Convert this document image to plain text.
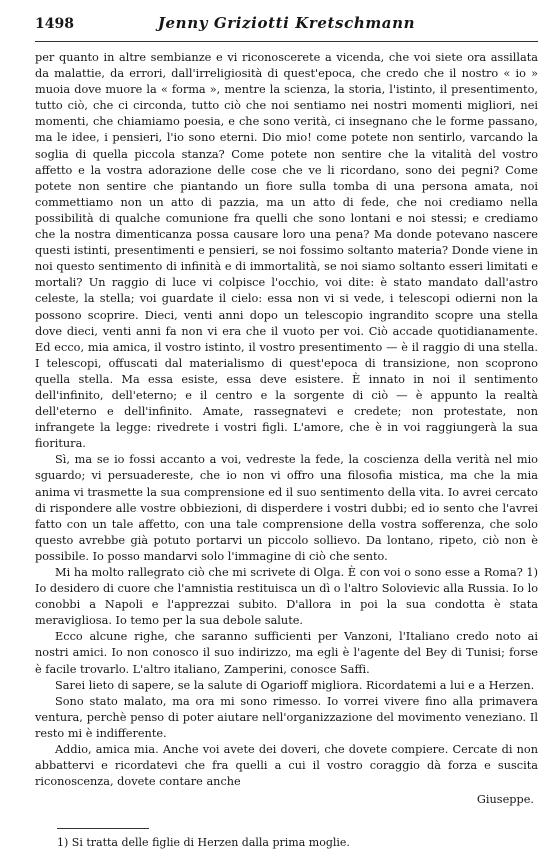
1498	Jenny Griziotti Kretschmann

per quanto in altre sembianze e vi riconoscerete a vicenda, che voi siete ora assillata da malattie, da errori, dall'irreligiosità di quest'epoca, che credo che il nostro « io » muoia dove muore la « forma », mentre la scienza, la storia, l'istinto, il presentimento, tutto ciò, che ci circonda, tutto ciò che noi sentiamo nei nostri momenti migliori, nei momenti, che chiamiamo poesia, e che sono verità, ci insegnano che le forme passano, ma le idee, i pensieri, l'io sono eterni. Dio mio! come potete non sentirlo, varcando la soglia di quella piccola stanza? Come potete non sentire che la vitalità del vostro affetto e la vostra adorazione delle cose che ve li ricordano, sono dei pegni? Come potete non sentire che piantando un fiore sulla tomba di una persona amata, noi commettiamo non un atto di pazzia, ma un atto di fede, che noi crediamo nella possibilità di qualche comunione fra quelli che sono lontani e noi stessi; e crediamo che la nostra dimenticanza possa causare loro una pena? Ma donde potevano nascere questi istinti, presentimenti e pensieri, se noi fossimo soltanto materia? Donde viene in noi questo sentimento di infinità e di immortalità, se noi siamo soltanto esseri limitati e mortali? Un raggio di luce vi colpisce l'occhio, voi dite: è stato mandato dall'astro celeste, la stella; voi guardate il cielo: essa non vi si vede, i telescopi odierni non la possono scoprire. Dieci, venti anni dopo un telescopio ingrandito scopre una stella dove dieci, venti anni fa non vi era che il vuoto per voi. Ciò accade quotidianamente. Ed ecco, mia amica, il vostro istinto, il vostro presentimento — è il raggio di una stella. I telescopi, offuscati dal materialismo di quest'epoca di transizione, non scoprono quella stella. Ma essa esiste, essa deve esistere. È innato in noi il sentimento dell'infinito, dell'eterno; e il centro e la sorgente di ciò — è appunto la realtà dell'eterno e dell'infinito. Amate, rassegnatevi e credete; non protestate, non infrangete la legge: rivedrete i vostri figli. L'amore, che è in voi raggiungerà la sua fioritura.

Sì, ma se io fossi accanto a voi, vedreste la fede, la coscienza della verità nel mio sguardo; vi persuadereste, che io non vi offro una filosofia mistica, ma che la mia anima vi trasmette la sua comprensione ed il suo sentimento della vita. Io avrei cercato di rispondere alle vostre obbiezioni, di disperdere i vostri dubbi; ed io sento che l'avrei fatto con un tale affetto, con una tale comprensione della vostra sofferenza, che solo questo avrebbe già potuto portarvi un piccolo sollievo. Da lontano, ripeto, ciò non è possibile. Io posso mandarvi solo l'immagine di ciò che sento.

Mi ha molto rallegrato ciò che mi scrivete di Olga. È con voi o sono esse a Roma? 1) Io desidero di cuore che l'amnistia restituisca un dì o l'altro Solovievic alla Russia. Io lo conobbi a Napoli e l'apprezzai subito. D'allora in poi la sua condotta è stata meravigliosa. Io temo per la sua debole salute.

Ecco alcune righe, che saranno sufficienti per Vanzoni, l'Italiano credo noto ai nostri amici. Io non conosco il suo indirizzo, ma egli è l'agente del Bey di Tunisi; forse è facile trovarlo. L'altro italiano, Zamperini, conosce Saffi.

Sarei lieto di sapere, se la salute di Ogarioff migliora. Ricordatemi a lui e a Herzen.

Sono stato malato, ma ora mi sono rimesso. Io vorrei vivere fino alla primavera ventura, perchè penso di poter aiutare nell'organizzazione del movimento veneziano. Il resto mi è indifferente.

Addio, amica mia. Anche voi avete dei doveri, che dovete compiere. Cercate di non abbattervi e ricordatevi che fra quelli a cui il vostro coraggio dà forza e suscita riconoscenza, dovete contare anche

Giuseppe.
1) Si tratta delle figlie di Herzen dalla prima moglie.
